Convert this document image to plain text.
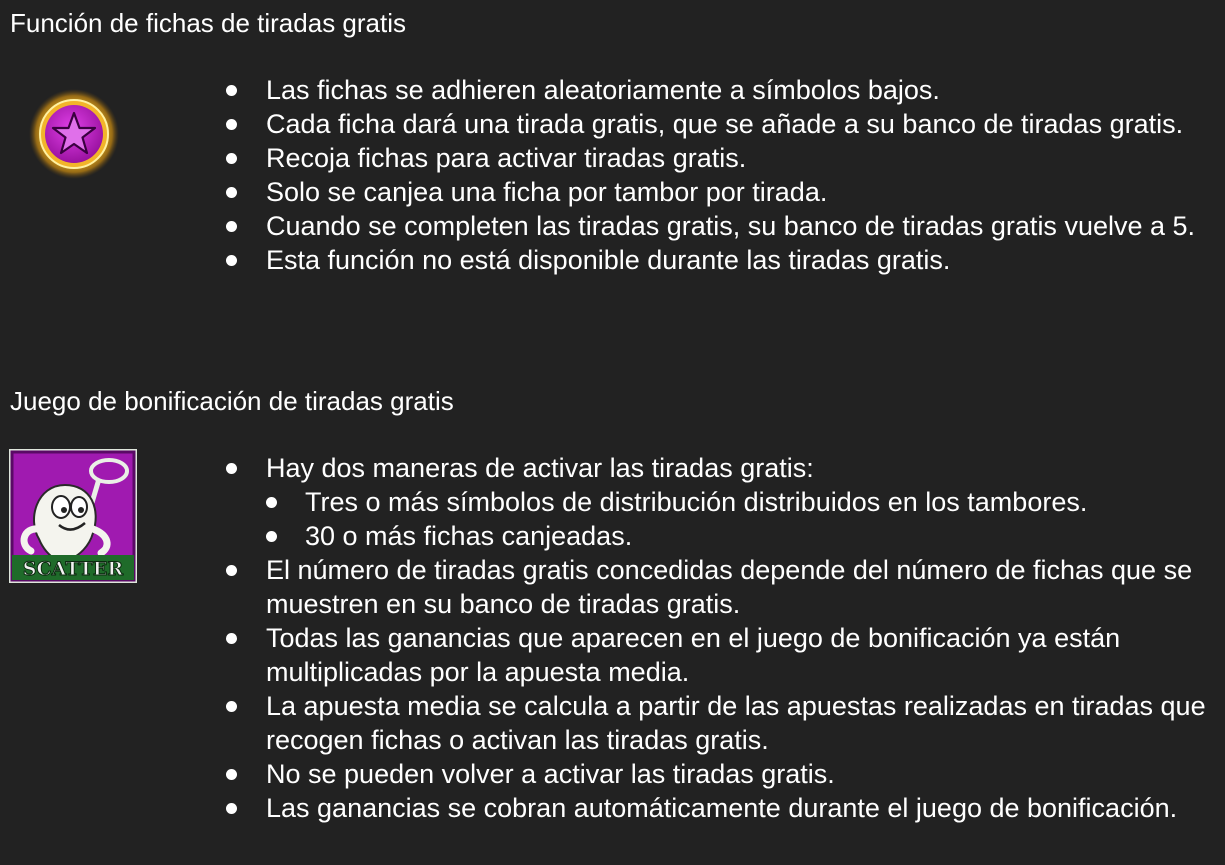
Función de fichas de tiradas gratis
Las fichas se adhieren aleatoriamente a símbolos bajos.
Cada ficha dará una tirada gratis, que se añade a su banco de tiradas gratis.
Recoja fichas para activar tiradas gratis.
Solo se canjea una ficha por tambor por tirada.
Cuando se completen las tiradas gratis, su banco de tiradas gratis vuelve a 5.
Esta función no está disponible durante las tiradas gratis.
Juego de bonificación de tiradas gratis
SCATTER
Hay dos maneras de activar las tiradas gratis:
Tres o más símbolos de distribución distribuidos en los tambores.
30 o más fichas canjeadas.
El número de tiradas gratis concedidas depende del número de fichas que se muestren en su banco de tiradas gratis.
Todas las ganancias que aparecen en el juego de bonificación ya están multiplicadas por la apuesta media.
La apuesta media se calcula a partir de las apuestas realizadas en tiradas que recogen fichas o activan las tiradas gratis.
No se pueden volver a activar las tiradas gratis.
Las ganancias se cobran automáticamente durante el juego de bonificación.
